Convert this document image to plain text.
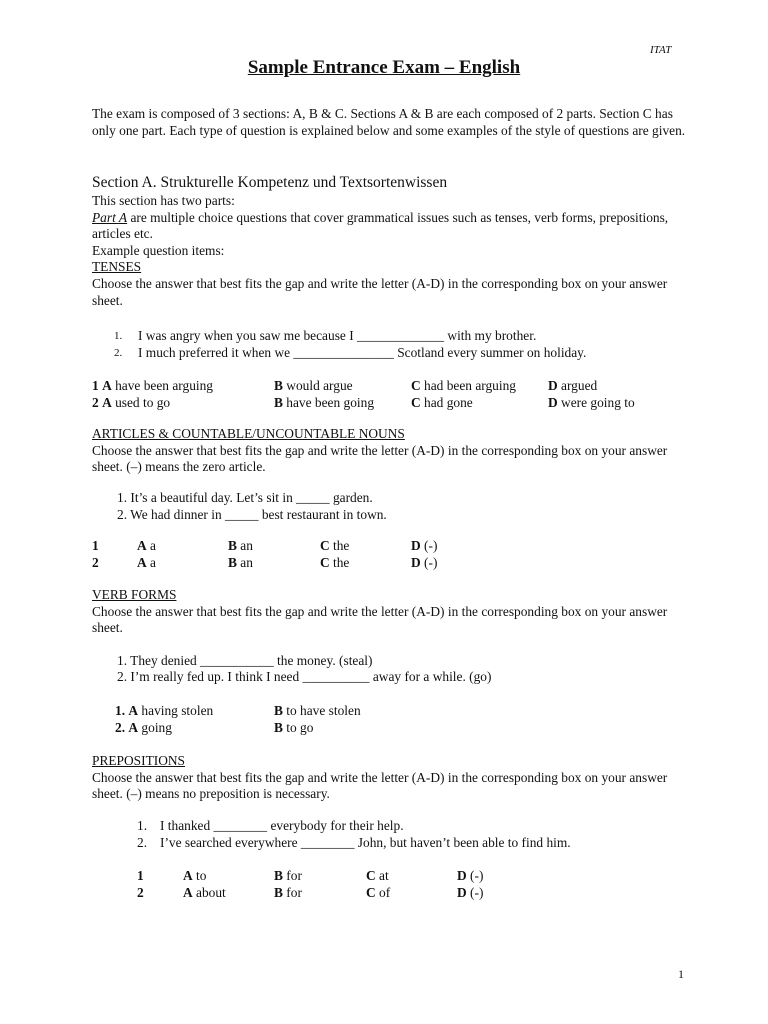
ITAT
Sample Entrance Exam – English
The exam is composed of 3 sections: A, B & C. Sections A & B are each composed of 2 parts. Section C has only one part. Each type of question is explained below and some examples of the style of questions are given.
Section A. Strukturelle Kompetenz und Textsortenwissen
This section has two parts:
Part A are multiple choice questions that cover grammatical issues such as tenses, verb forms, prepositions, articles etc.
Example question items:
TENSES
Choose the answer that best fits the gap and write the letter (A-D) in the corresponding box on your answer sheet.
1. I was angry when you saw me because I _____________ with my brother.
2. I much preferred it when we _______________ Scotland every summer on holiday.
1 A have been arguing	B would argue	C had been arguing D argued
2 A used to go	B have been going	C had gone	D were going to
ARTICLES & COUNTABLE/UNCOUNTABLE NOUNS
Choose the answer that best fits the gap and write the letter (A-D) in the corresponding box on your answer sheet. (–) means the zero article.
1. It’s a beautiful day. Let’s sit in _____ garden.
2. We had dinner in _____ best restaurant in town.
1	A a	B an	C the	D (-)
2	A a	B an	C the	D (-)
VERB FORMS
Choose the answer that best fits the gap and write the letter (A-D) in the corresponding box on your answer sheet.
1. They denied ___________ the money. (steal)
2. I’m really fed up. I think I need __________ away for a while. (go)
1. A having stolen	B to have stolen
2. A going	B to go
PREPOSITIONS
Choose the answer that best fits the gap and write the letter (A-D) in the corresponding box on your answer sheet. (–) means no preposition is necessary.
1. I thanked ________ everybody for their help.
2. I’ve searched everywhere ________ John, but haven’t been able to find him.
1	A to	B for	C at	D (-)
2	A about	B for	C of	D (-)
1
